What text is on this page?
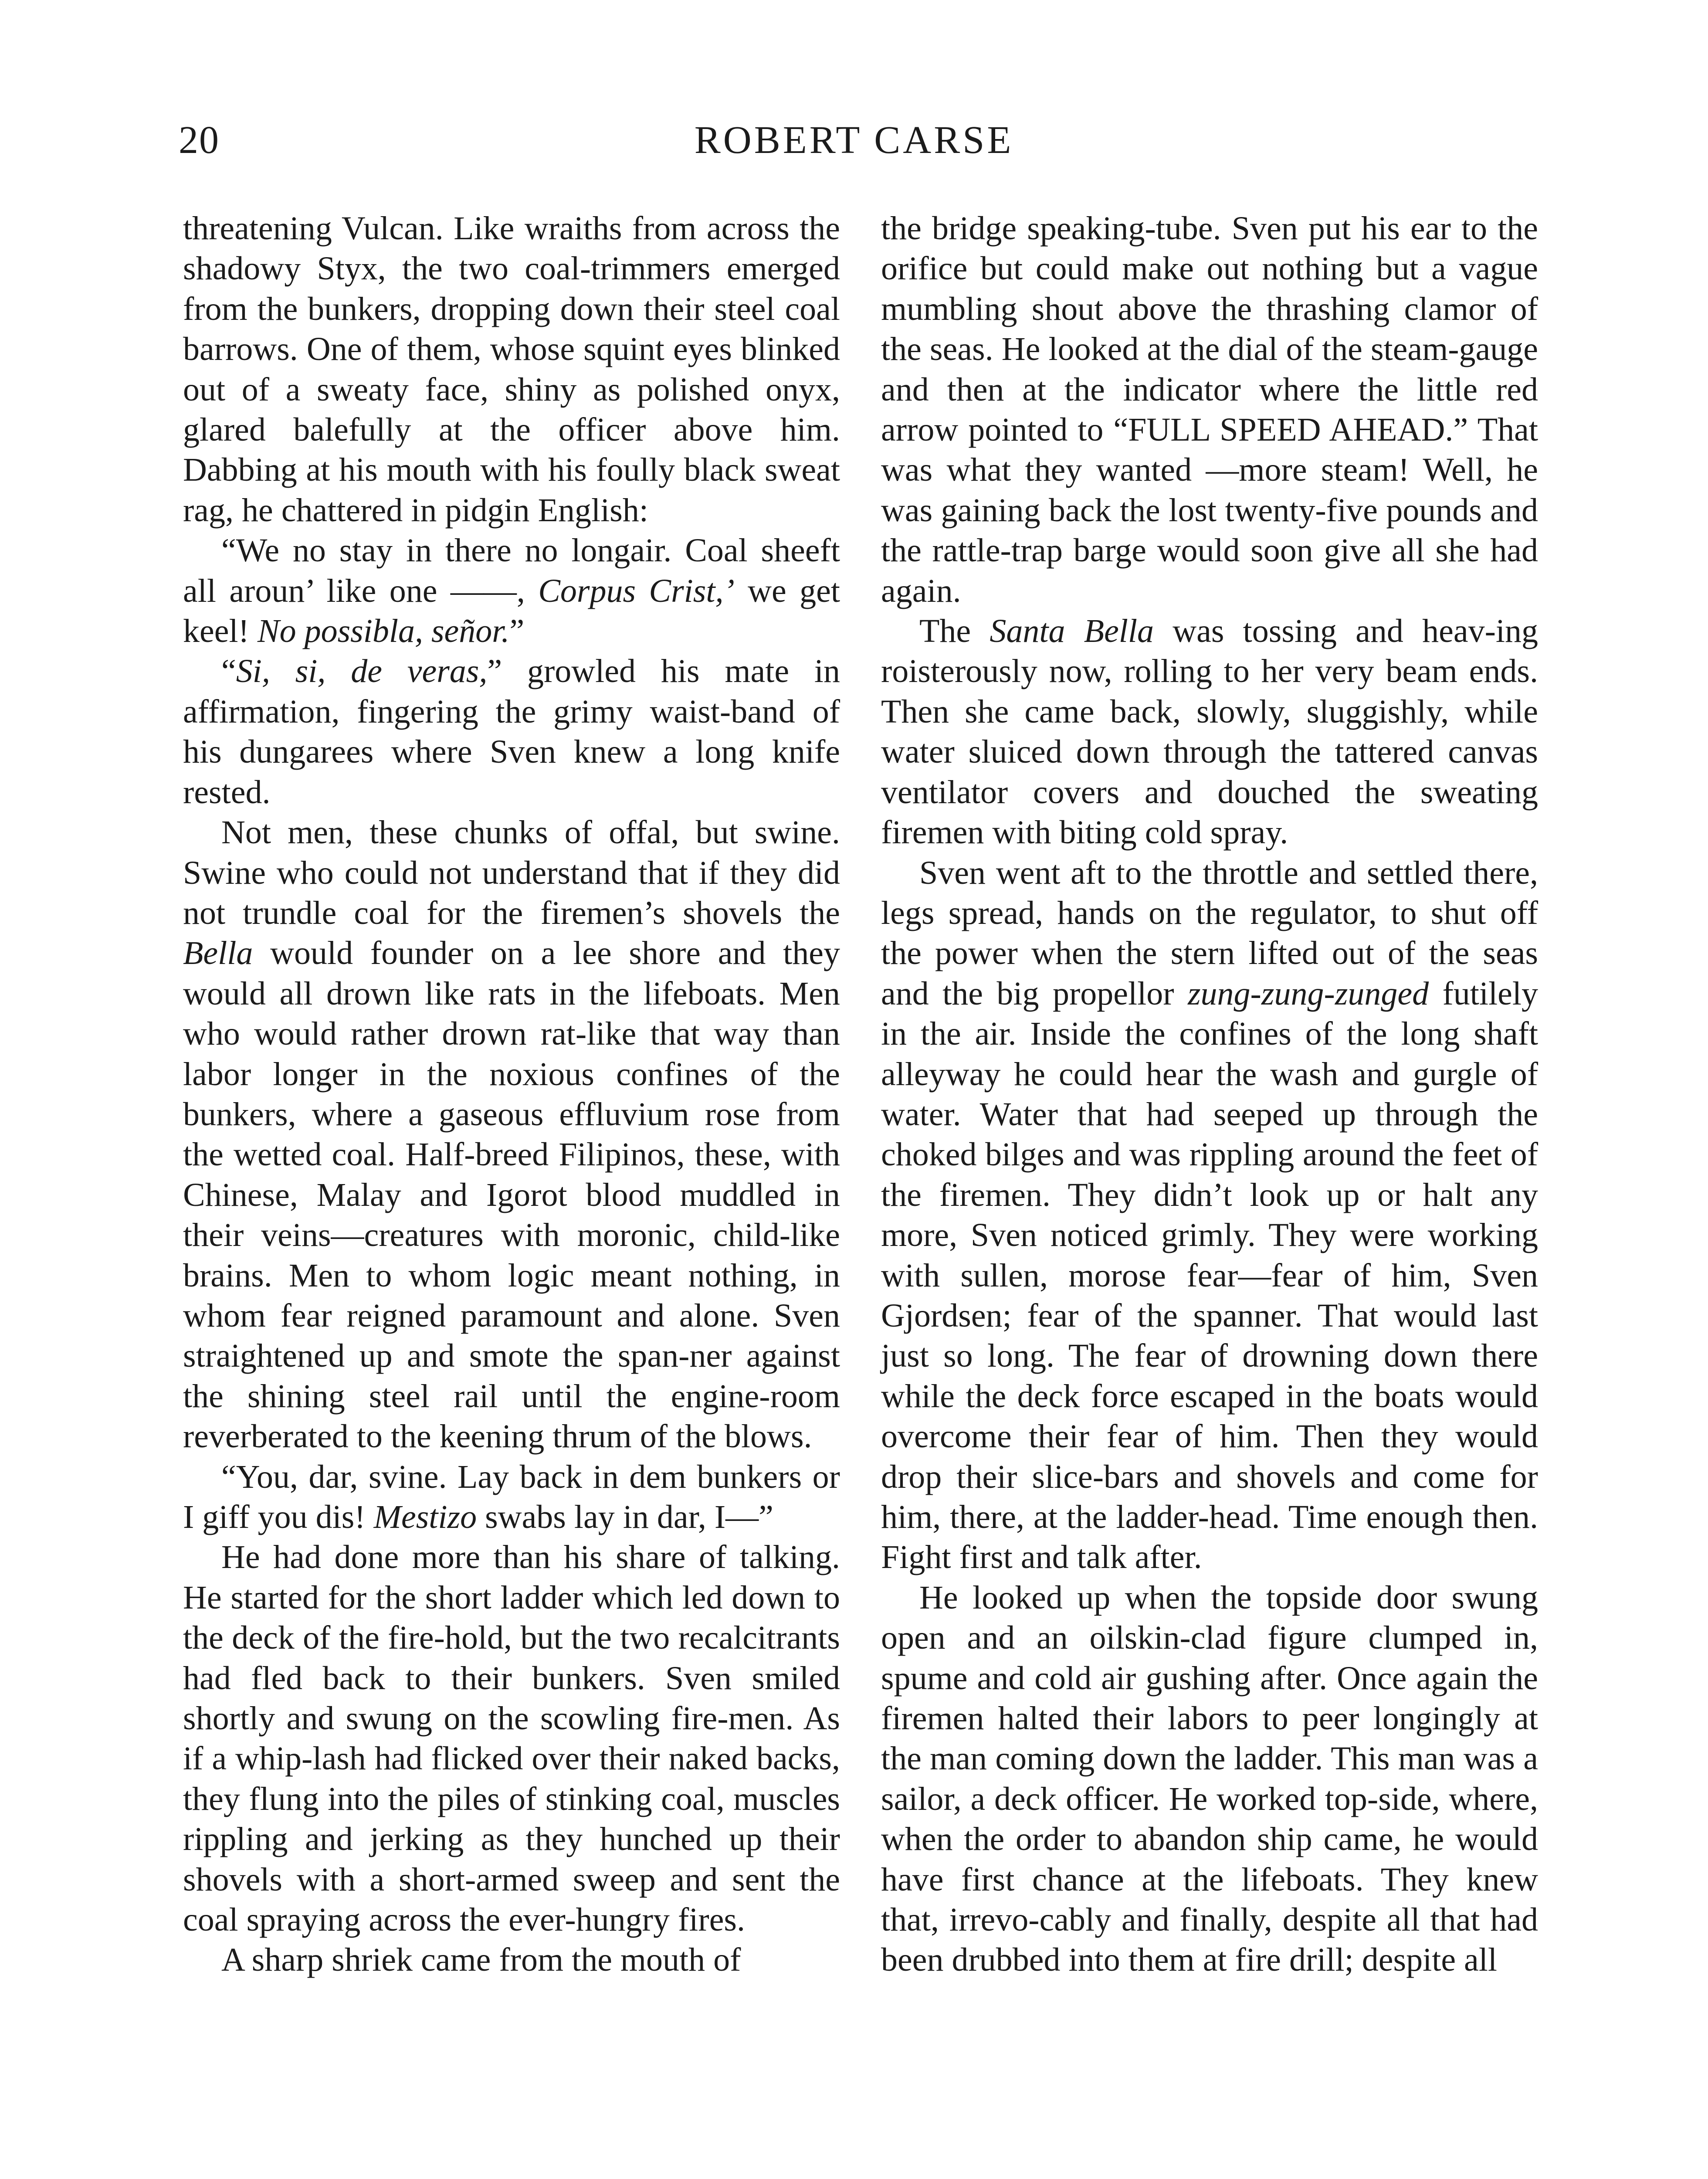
20	ROBERT CARSE

threatening Vulcan. Like wraiths from across the shadowy Styx, the two coal-trimmers emerged from the bunkers, dropping down their steel coal barrows. One of them, whose squint eyes blinked out of a sweaty face, shiny as polished onyx, glared balefully at the officer above him. Dabbing at his mouth with his foully black sweat rag, he chattered in pidgin English:

“We no stay in there no longair. Coal sheeft all aroun’ like one ——, Corpus Crist,’ we get keel! No possibla, señor.”

“Si, si, de veras,” growled his mate in affirmation, fingering the grimy waist-band of his dungarees where Sven knew a long knife rested.

Not men, these chunks of offal, but swine. Swine who could not understand that if they did not trundle coal for the firemen’s shovels the Bella would founder on a lee shore and they would all drown like rats in the lifeboats. Men who would rather drown rat-like that way than labor longer in the noxious confines of the bunkers, where a gaseous effluvium rose from the wetted coal. Half-breed Filipinos, these, with Chinese, Malay and Igorot blood muddled in their veins—creatures with moronic, child-like brains. Men to whom logic meant nothing, in whom fear reigned paramount and alone. Sven straightened up and smote the span-ner against the shining steel rail until the engine-room reverberated to the keening thrum of the blows.

“You, dar, svine. Lay back in dem bunkers or I giff you dis! Mestizo swabs lay in dar, I—”

He had done more than his share of talking. He started for the short ladder which led down to the deck of the fire-hold, but the two recalcitrants had fled back to their bunkers. Sven smiled shortly and swung on the scowling fire-men. As if a whip-lash had flicked over their naked backs, they flung into the piles of stinking coal, muscles rippling and jerking as they hunched up their shovels with a short-armed sweep and sent the coal spraying across the ever-hungry fires.

A sharp shriek came from the mouth of

the bridge speaking-tube. Sven put his ear to the orifice but could make out nothing but a vague mumbling shout above the thrashing clamor of the seas. He looked at the dial of the steam-gauge and then at the indicator where the little red arrow pointed to “FULL SPEED AHEAD.” That was what they wanted —more steam! Well, he was gaining back the lost twenty-five pounds and the rattle-trap barge would soon give all she had again.

The Santa Bella was tossing and heav-ing roisterously now, rolling to her very beam ends. Then she came back, slowly, sluggishly, while water sluiced down through the tattered canvas ventilator covers and douched the sweating firemen with biting cold spray.

Sven went aft to the throttle and settled there, legs spread, hands on the regulator, to shut off the power when the stern lifted out of the seas and the big propellor zung-zung-zunged futilely in the air. Inside the confines of the long shaft alleyway he could hear the wash and gurgle of water. Water that had seeped up through the choked bilges and was rippling around the feet of the firemen. They didn’t look up or halt any more, Sven noticed grimly. They were working with sullen, morose fear—fear of him, Sven Gjordsen; fear of the spanner. That would last just so long. The fear of drowning down there while the deck force escaped in the boats would overcome their fear of him. Then they would drop their slice-bars and shovels and come for him, there, at the ladder-head. Time enough then. Fight first and talk after.

He looked up when the topside door swung open and an oilskin-clad figure clumped in, spume and cold air gushing after. Once again the firemen halted their labors to peer longingly at the man coming down the ladder. This man was a sailor, a deck officer. He worked top-side, where, when the order to abandon ship came, he would have first chance at the lifeboats. They knew that, irrevo-cably and finally, despite all that had been drubbed into them at fire drill; despite all
